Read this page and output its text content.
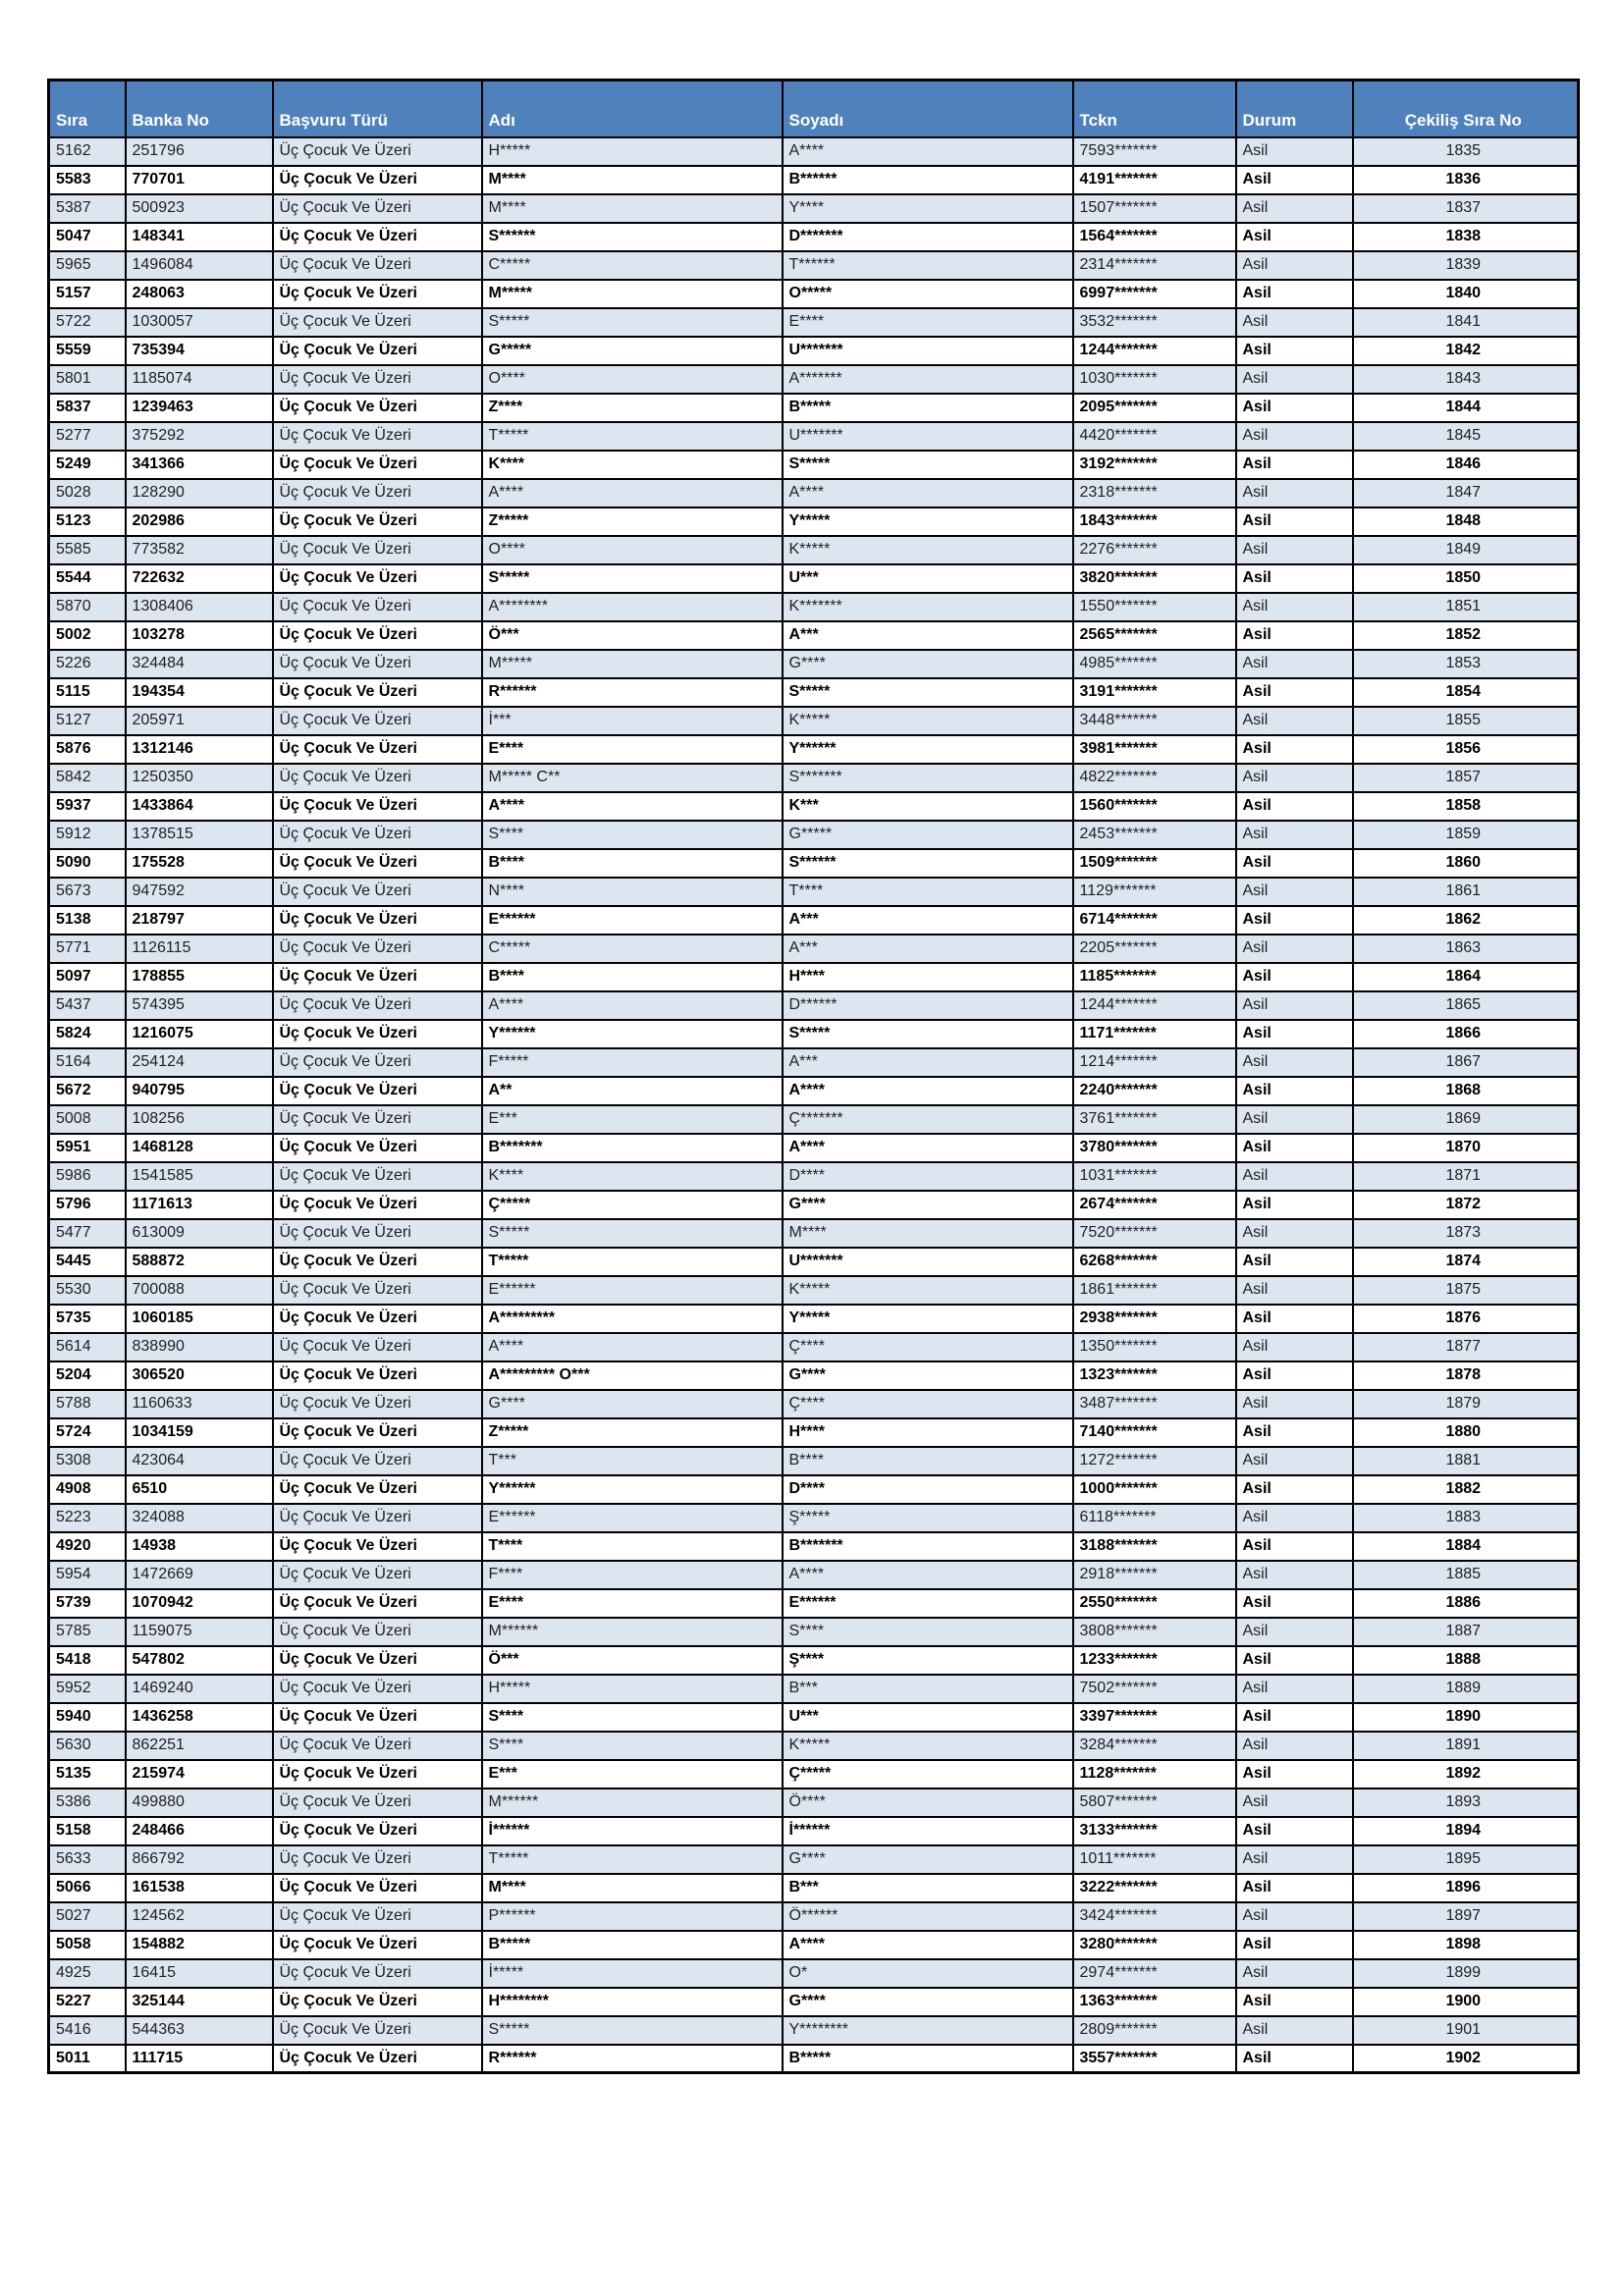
Sıra	Banka No	Başvuru Türü	Adı	Soyadı	Tckn	Durum	Çekiliş Sıra No
5162	251796	Üç Çocuk Ve Üzeri	H*****	A****	7593*******	Asil	1835
5583	770701	Üç Çocuk Ve Üzeri	M****	B******	4191*******	Asil	1836
5387	500923	Üç Çocuk Ve Üzeri	M****	Y****	1507*******	Asil	1837
5047	148341	Üç Çocuk Ve Üzeri	S******	D*******	1564*******	Asil	1838
5965	1496084	Üç Çocuk Ve Üzeri	C*****	T******	2314*******	Asil	1839
5157	248063	Üç Çocuk Ve Üzeri	M*****	O*****	6997*******	Asil	1840
5722	1030057	Üç Çocuk Ve Üzeri	S*****	E****	3532*******	Asil	1841
5559	735394	Üç Çocuk Ve Üzeri	G*****	U*******	1244*******	Asil	1842
5801	1185074	Üç Çocuk Ve Üzeri	O****	A*******	1030*******	Asil	1843
5837	1239463	Üç Çocuk Ve Üzeri	Z****	B*****	2095*******	Asil	1844
5277	375292	Üç Çocuk Ve Üzeri	T*****	U*******	4420*******	Asil	1845
5249	341366	Üç Çocuk Ve Üzeri	K****	S*****	3192*******	Asil	1846
5028	128290	Üç Çocuk Ve Üzeri	A****	A****	2318*******	Asil	1847
5123	202986	Üç Çocuk Ve Üzeri	Z*****	Y*****	1843*******	Asil	1848
5585	773582	Üç Çocuk Ve Üzeri	O****	K*****	2276*******	Asil	1849
5544	722632	Üç Çocuk Ve Üzeri	S*****	U***	3820*******	Asil	1850
5870	1308406	Üç Çocuk Ve Üzeri	A********	K*******	1550*******	Asil	1851
5002	103278	Üç Çocuk Ve Üzeri	Ö***	A***	2565*******	Asil	1852
5226	324484	Üç Çocuk Ve Üzeri	M*****	G****	4985*******	Asil	1853
5115	194354	Üç Çocuk Ve Üzeri	R******	S*****	3191*******	Asil	1854
5127	205971	Üç Çocuk Ve Üzeri	İ***	K*****	3448*******	Asil	1855
5876	1312146	Üç Çocuk Ve Üzeri	E****	Y******	3981*******	Asil	1856
5842	1250350	Üç Çocuk Ve Üzeri	M***** C**	S*******	4822*******	Asil	1857
5937	1433864	Üç Çocuk Ve Üzeri	A****	K***	1560*******	Asil	1858
5912	1378515	Üç Çocuk Ve Üzeri	S****	G*****	2453*******	Asil	1859
5090	175528	Üç Çocuk Ve Üzeri	B****	S******	1509*******	Asil	1860
5673	947592	Üç Çocuk Ve Üzeri	N****	T****	1129*******	Asil	1861
5138	218797	Üç Çocuk Ve Üzeri	E******	A***	6714*******	Asil	1862
5771	1126115	Üç Çocuk Ve Üzeri	C*****	A***	2205*******	Asil	1863
5097	178855	Üç Çocuk Ve Üzeri	B****	H****	1185*******	Asil	1864
5437	574395	Üç Çocuk Ve Üzeri	A****	D******	1244*******	Asil	1865
5824	1216075	Üç Çocuk Ve Üzeri	Y******	S*****	1171*******	Asil	1866
5164	254124	Üç Çocuk Ve Üzeri	F*****	A***	1214*******	Asil	1867
5672	940795	Üç Çocuk Ve Üzeri	A**	A****	2240*******	Asil	1868
5008	108256	Üç Çocuk Ve Üzeri	E***	Ç*******	3761*******	Asil	1869
5951	1468128	Üç Çocuk Ve Üzeri	B*******	A****	3780*******	Asil	1870
5986	1541585	Üç Çocuk Ve Üzeri	K****	D****	1031*******	Asil	1871
5796	1171613	Üç Çocuk Ve Üzeri	Ç*****	G****	2674*******	Asil	1872
5477	613009	Üç Çocuk Ve Üzeri	S*****	M****	7520*******	Asil	1873
5445	588872	Üç Çocuk Ve Üzeri	T*****	U*******	6268*******	Asil	1874
5530	700088	Üç Çocuk Ve Üzeri	E******	K*****	1861*******	Asil	1875
5735	1060185	Üç Çocuk Ve Üzeri	A*********	Y*****	2938*******	Asil	1876
5614	838990	Üç Çocuk Ve Üzeri	A****	Ç****	1350*******	Asil	1877
5204	306520	Üç Çocuk Ve Üzeri	A********* O***	G****	1323*******	Asil	1878
5788	1160633	Üç Çocuk Ve Üzeri	G****	Ç****	3487*******	Asil	1879
5724	1034159	Üç Çocuk Ve Üzeri	Z*****	H****	7140*******	Asil	1880
5308	423064	Üç Çocuk Ve Üzeri	T***	B****	1272*******	Asil	1881
4908	6510	Üç Çocuk Ve Üzeri	Y******	D****	1000*******	Asil	1882
5223	324088	Üç Çocuk Ve Üzeri	E******	Ş*****	6118*******	Asil	1883
4920	14938	Üç Çocuk Ve Üzeri	T****	B*******	3188*******	Asil	1884
5954	1472669	Üç Çocuk Ve Üzeri	F****	A****	2918*******	Asil	1885
5739	1070942	Üç Çocuk Ve Üzeri	E****	E******	2550*******	Asil	1886
5785	1159075	Üç Çocuk Ve Üzeri	M******	S****	3808*******	Asil	1887
5418	547802	Üç Çocuk Ve Üzeri	Ö***	Ş****	1233*******	Asil	1888
5952	1469240	Üç Çocuk Ve Üzeri	H*****	B***	7502*******	Asil	1889
5940	1436258	Üç Çocuk Ve Üzeri	S****	U***	3397*******	Asil	1890
5630	862251	Üç Çocuk Ve Üzeri	S****	K*****	3284*******	Asil	1891
5135	215974	Üç Çocuk Ve Üzeri	E***	Ç*****	1128*******	Asil	1892
5386	499880	Üç Çocuk Ve Üzeri	M******	Ö****	5807*******	Asil	1893
5158	248466	Üç Çocuk Ve Üzeri	İ******	İ******	3133*******	Asil	1894
5633	866792	Üç Çocuk Ve Üzeri	T*****	G****	1011*******	Asil	1895
5066	161538	Üç Çocuk Ve Üzeri	M****	B***	3222*******	Asil	1896
5027	124562	Üç Çocuk Ve Üzeri	P******	Ö******	3424*******	Asil	1897
5058	154882	Üç Çocuk Ve Üzeri	B*****	A****	3280*******	Asil	1898
4925	16415	Üç Çocuk Ve Üzeri	İ*****	O*	2974*******	Asil	1899
5227	325144	Üç Çocuk Ve Üzeri	H********	G****	1363*******	Asil	1900
5416	544363	Üç Çocuk Ve Üzeri	S*****	Y********	2809*******	Asil	1901
5011	111715	Üç Çocuk Ve Üzeri	R******	B*****	3557*******	Asil	1902
